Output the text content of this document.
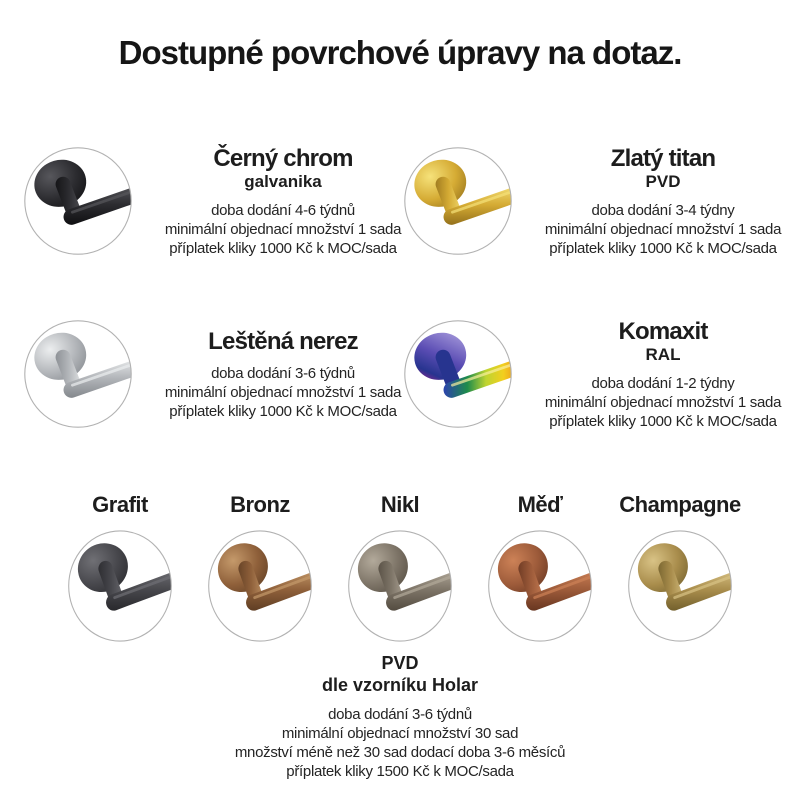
Dostupné povrchové úpravy na dotaz.
Černý chrom
galvanika
doba dodání 4-6 týdnů
minimální objednací množství 1 sada
příplatek kliky 1000 Kč k MOC/sada
Zlatý titan
PVD
doba dodání 3-4 týdny
minimální objednací množství 1 sada
příplatek kliky 1000 Kč k MOC/sada
Leštěná nerez
doba dodání 3-6 týdnů
minimální objednací množství 1 sada
příplatek kliky 1000 Kč k MOC/sada
Komaxit
RAL
doba dodání 1-2 týdny
minimální objednací množství 1 sada
příplatek kliky 1000 Kč k MOC/sada
Grafit	Bronz	Nikl	Měď	Champagne
PVD
dle vzorníku Holar
doba dodání 3-6 týdnů
minimální objednací množství 30 sad
množství méně než 30 sad dodací doba 3-6 měsíců
příplatek kliky 1500 Kč k MOC/sada
